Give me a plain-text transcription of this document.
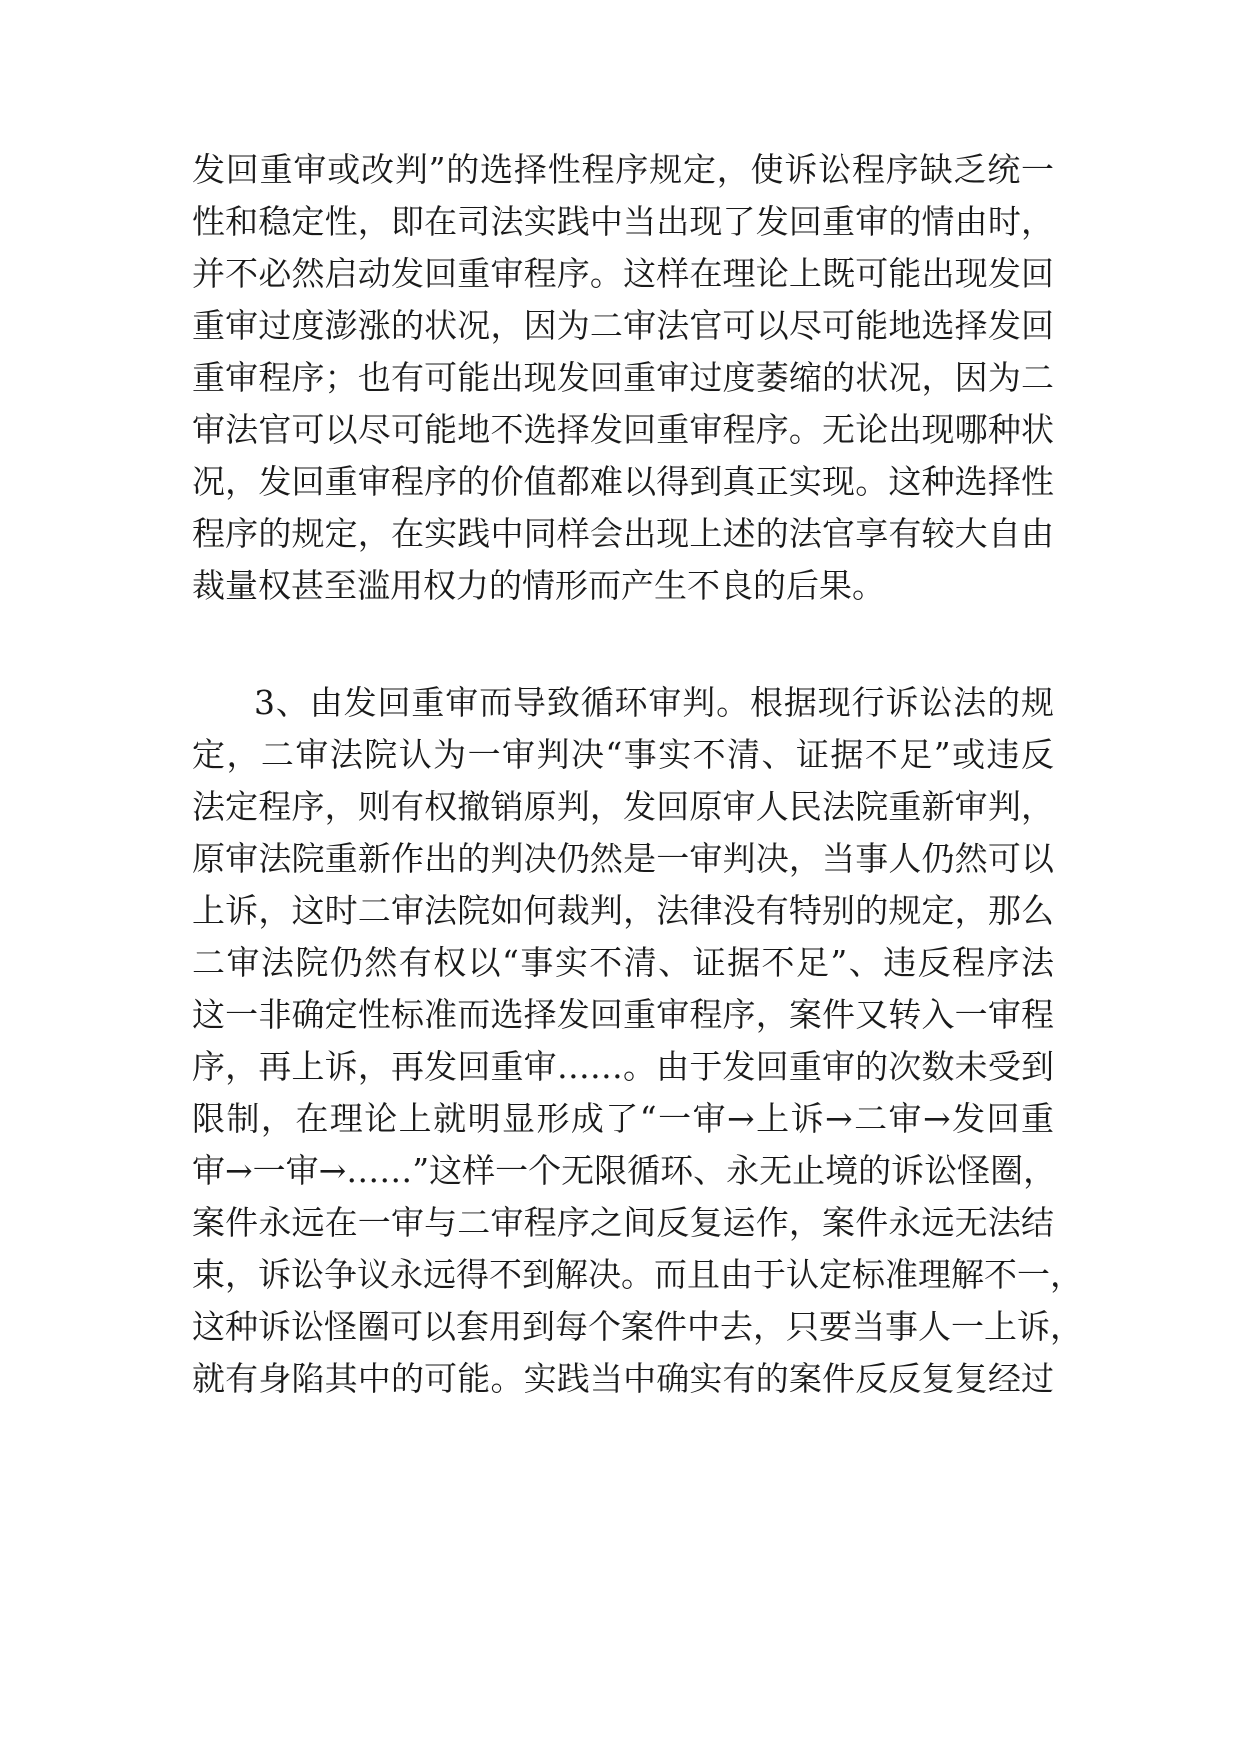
发回重审或改判”的选择性程序规定，使诉讼程序缺乏统一
性和稳定性，即在司法实践中当出现了发回重审的情由时，
并不必然启动发回重审程序。这样在理论上既可能出现发回
重审过度澎涨的状况，因为二审法官可以尽可能地选择发回
重审程序；也有可能出现发回重审过度萎缩的状况，因为二
审法官可以尽可能地不选择发回重审程序。无论出现哪种状
况，发回重审程序的价值都难以得到真正实现。这种选择性
程序的规定，在实践中同样会出现上述的法官享有较大自由
裁量权甚至滥用权力的情形而产生不良的后果。
3、由发回重审而导致循环审判。根据现行诉讼法的规
定，二审法院认为一审判决“事实不清、证据不足”或违反
法定程序，则有权撤销原判，发回原审人民法院重新审判，
原审法院重新作出的判决仍然是一审判决，当事人仍然可以
上诉，这时二审法院如何裁判，法律没有特别的规定，那么
二审法院仍然有权以“事实不清、证据不足”、违反程序法
这一非确定性标准而选择发回重审程序，案件又转入一审程
序，再上诉，再发回重审……。由于发回重审的次数未受到
限制，在理论上就明显形成了“一审→上诉→二审→发回重
审→一审→……”这样一个无限循环、永无止境的诉讼怪圈，
案件永远在一审与二审程序之间反复运作，案件永远无法结
束，诉讼争议永远得不到解决。而且由于认定标准理解不一，
这种诉讼怪圈可以套用到每个案件中去，只要当事人一上诉，
就有身陷其中的可能。实践当中确实有的案件反反复复经过
